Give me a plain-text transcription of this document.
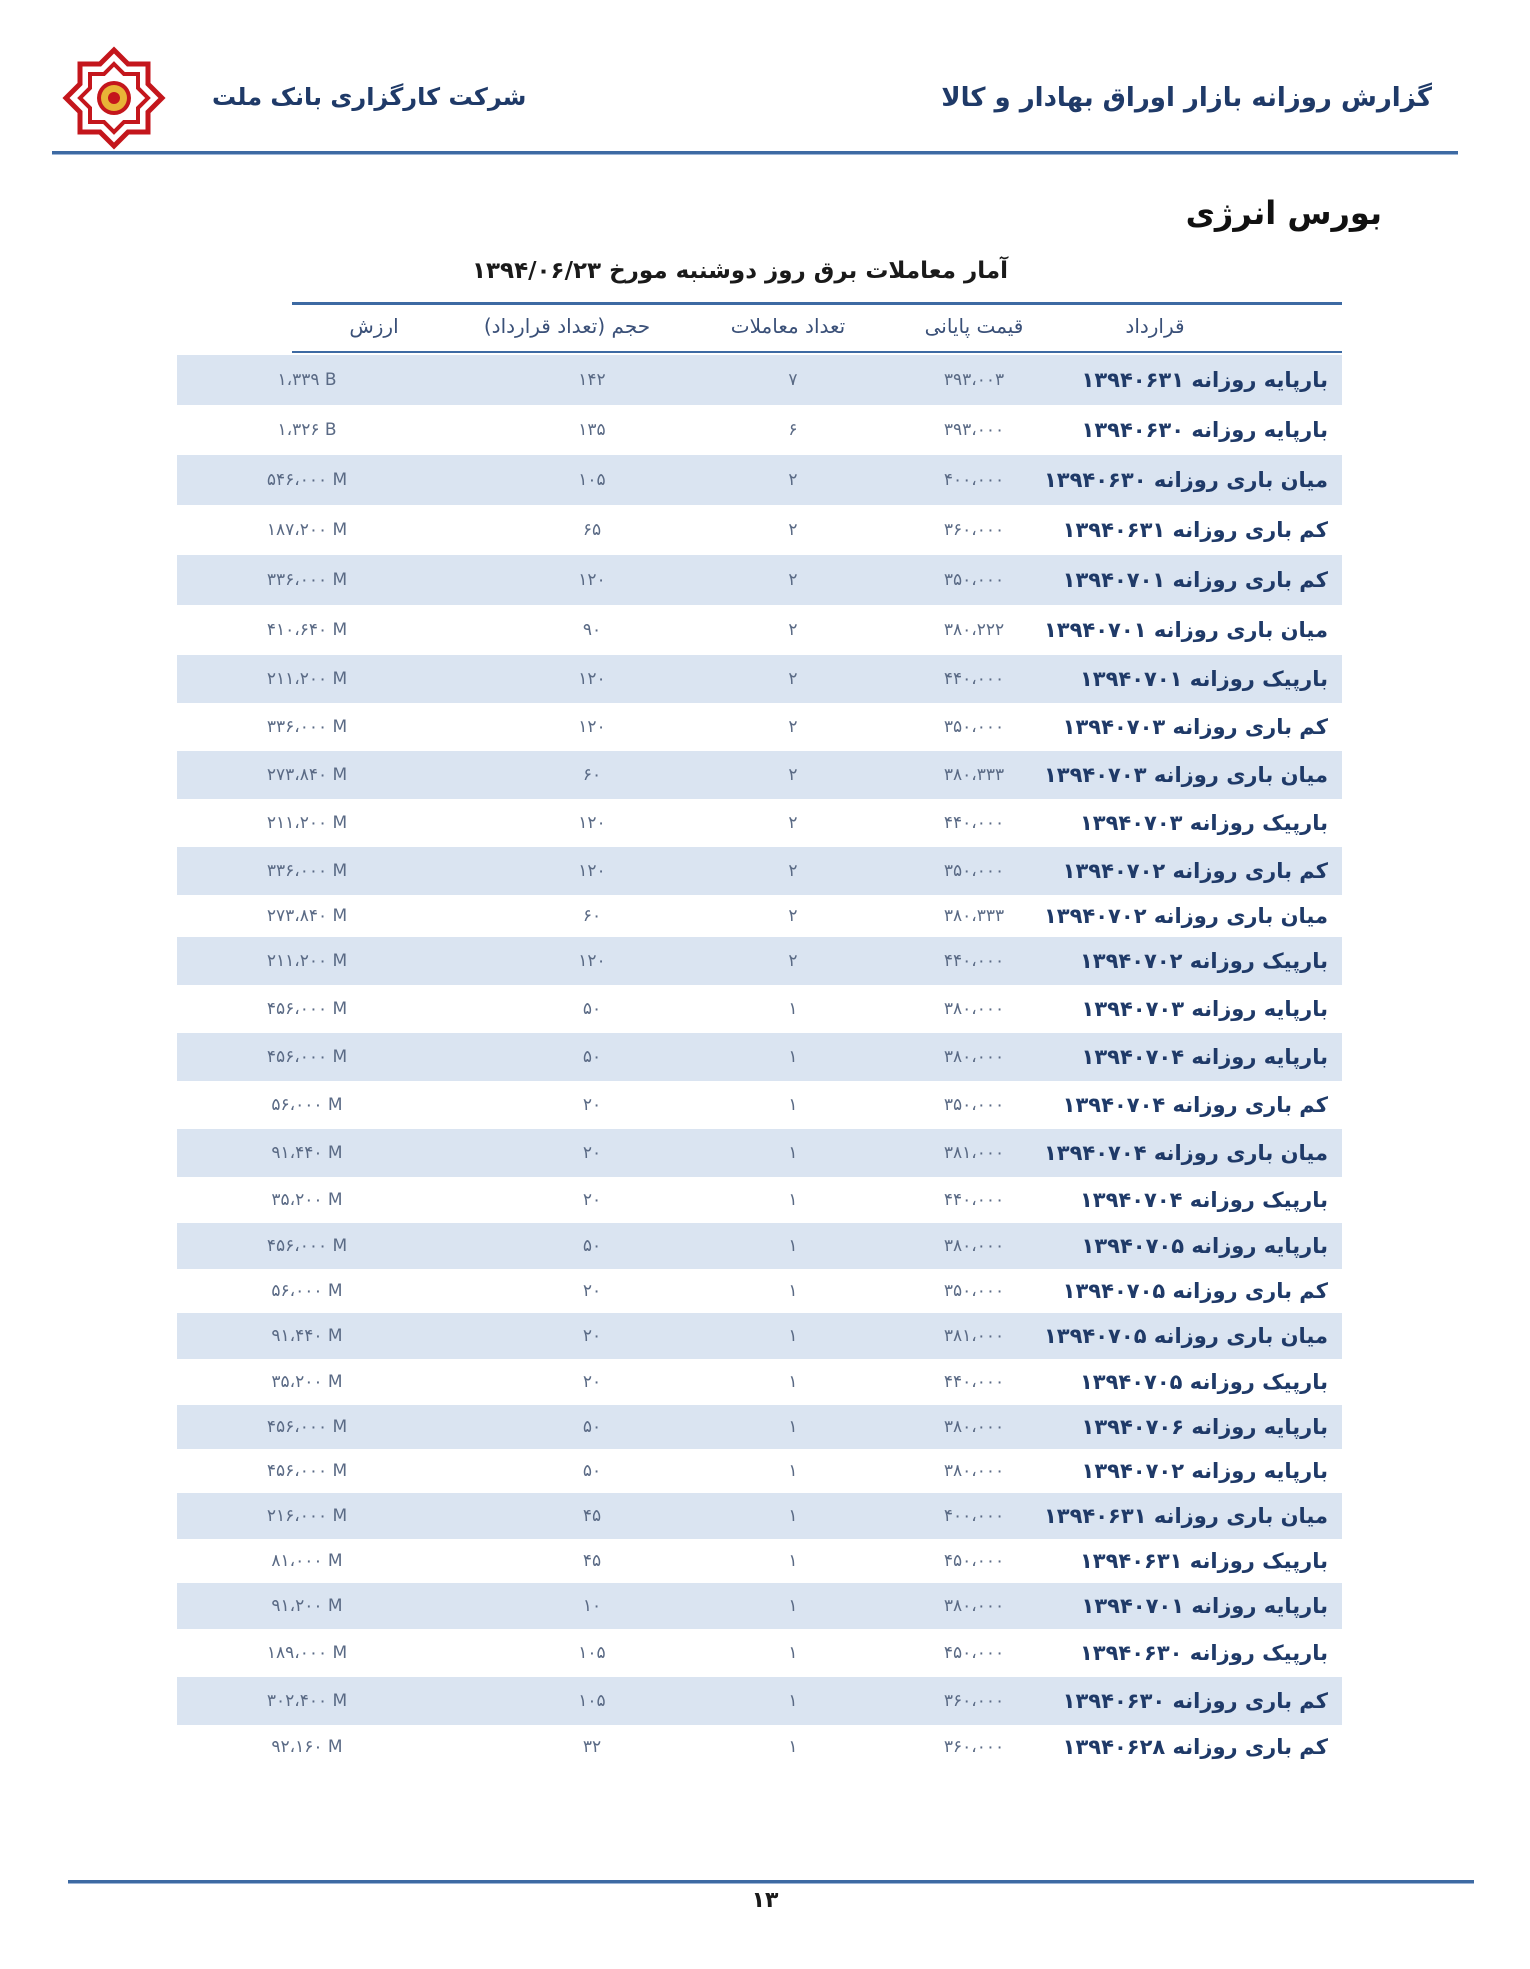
گزارش روزانه بازار اوراق بهادار و کالا
شرکت کارگزاری بانک ملت
بورس انرژی
آمار معاملات برق روز دوشنبه مورخ ۱۳۹۴/۰۶/۲۳
قرارداد
قیمت پایانی
تعداد معاملات
حجم (تعداد قرارداد)
ارزش
بارپایه روزانه ۱۳۹۴۰۶۳۱
۳۹۳،۰۰۳
۷
۱۴۲
۱،۳۳۹ B
بارپایه روزانه ۱۳۹۴۰۶۳۰
۳۹۳،۰۰۰
۶
۱۳۵
۱،۳۲۶ B
میان باری روزانه ۱۳۹۴۰۶۳۰
۴۰۰،۰۰۰
۲
۱۰۵
۵۴۶،۰۰۰ M
کم باری روزانه ۱۳۹۴۰۶۳۱
۳۶۰،۰۰۰
۲
۶۵
۱۸۷،۲۰۰ M
کم باری روزانه ۱۳۹۴۰۷۰۱
۳۵۰،۰۰۰
۲
۱۲۰
۳۳۶،۰۰۰ M
میان باری روزانه ۱۳۹۴۰۷۰۱
۳۸۰،۲۲۲
۲
۹۰
۴۱۰،۶۴۰ M
بارپیک روزانه ۱۳۹۴۰۷۰۱
۴۴۰،۰۰۰
۲
۱۲۰
۲۱۱،۲۰۰ M
کم باری روزانه ۱۳۹۴۰۷۰۳
۳۵۰،۰۰۰
۲
۱۲۰
۳۳۶،۰۰۰ M
میان باری روزانه ۱۳۹۴۰۷۰۳
۳۸۰،۳۳۳
۲
۶۰
۲۷۳،۸۴۰ M
بارپیک روزانه ۱۳۹۴۰۷۰۳
۴۴۰،۰۰۰
۲
۱۲۰
۲۱۱،۲۰۰ M
کم باری روزانه ۱۳۹۴۰۷۰۲
۳۵۰،۰۰۰
۲
۱۲۰
۳۳۶،۰۰۰ M
میان باری روزانه ۱۳۹۴۰۷۰۲
۳۸۰،۳۳۳
۲
۶۰
۲۷۳،۸۴۰ M
بارپیک روزانه ۱۳۹۴۰۷۰۲
۴۴۰،۰۰۰
۲
۱۲۰
۲۱۱،۲۰۰ M
بارپایه روزانه ۱۳۹۴۰۷۰۳
۳۸۰،۰۰۰
۱
۵۰
۴۵۶،۰۰۰ M
بارپایه روزانه ۱۳۹۴۰۷۰۴
۳۸۰،۰۰۰
۱
۵۰
۴۵۶،۰۰۰ M
کم باری روزانه ۱۳۹۴۰۷۰۴
۳۵۰،۰۰۰
۱
۲۰
۵۶،۰۰۰ M
میان باری روزانه ۱۳۹۴۰۷۰۴
۳۸۱،۰۰۰
۱
۲۰
۹۱،۴۴۰ M
بارپیک روزانه ۱۳۹۴۰۷۰۴
۴۴۰،۰۰۰
۱
۲۰
۳۵،۲۰۰ M
بارپایه روزانه ۱۳۹۴۰۷۰۵
۳۸۰،۰۰۰
۱
۵۰
۴۵۶،۰۰۰ M
کم باری روزانه ۱۳۹۴۰۷۰۵
۳۵۰،۰۰۰
۱
۲۰
۵۶،۰۰۰ M
میان باری روزانه ۱۳۹۴۰۷۰۵
۳۸۱،۰۰۰
۱
۲۰
۹۱،۴۴۰ M
بارپیک روزانه ۱۳۹۴۰۷۰۵
۴۴۰،۰۰۰
۱
۲۰
۳۵،۲۰۰ M
بارپایه روزانه ۱۳۹۴۰۷۰۶
۳۸۰،۰۰۰
۱
۵۰
۴۵۶،۰۰۰ M
بارپایه روزانه ۱۳۹۴۰۷۰۲
۳۸۰،۰۰۰
۱
۵۰
۴۵۶،۰۰۰ M
میان باری روزانه ۱۳۹۴۰۶۳۱
۴۰۰،۰۰۰
۱
۴۵
۲۱۶،۰۰۰ M
بارپیک روزانه ۱۳۹۴۰۶۳۱
۴۵۰،۰۰۰
۱
۴۵
۸۱،۰۰۰ M
بارپایه روزانه ۱۳۹۴۰۷۰۱
۳۸۰،۰۰۰
۱
۱۰
۹۱،۲۰۰ M
بارپیک روزانه ۱۳۹۴۰۶۳۰
۴۵۰،۰۰۰
۱
۱۰۵
۱۸۹،۰۰۰ M
کم باری روزانه ۱۳۹۴۰۶۳۰
۳۶۰،۰۰۰
۱
۱۰۵
۳۰۲،۴۰۰ M
کم باری روزانه ۱۳۹۴۰۶۲۸
۳۶۰،۰۰۰
۱
۳۲
۹۲،۱۶۰ M
۱۳
